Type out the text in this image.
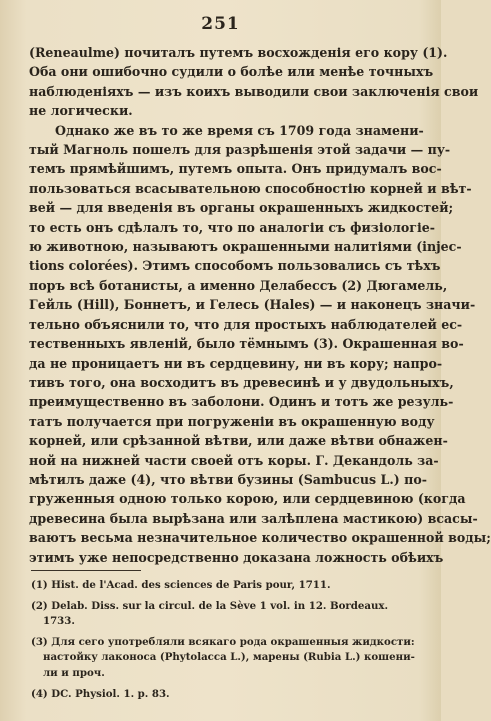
251
(Reneaulme) почиталъ путемъ восхожденія его кору (1).
Оба они ошибочно судили о болѣе или менѣе точныхъ
наблюденіяхъ — изъ коихъ выводили свои заключенія свои
не логически.
Однако же въ то же время съ 1709 года знамени-
тый Магноль пошелъ для разрѣшенія этой задачи — пу-
темъ прямѣйшимъ, путемъ опыта. Онъ придумалъ вос-
пользоваться всасывательною способностію корней и вѣт-
вей — для введенія въ органы окрашенныхъ жидкостей;
то есть онъ сдѣлалъ то, что по аналогіи съ физіологіе-
ю животною, называютъ окрашенными налитіями (injec-
tions colorées). Этимъ способомъ пользовались съ тѣхъ
поръ всѣ ботанисты, а именно Делабессъ (2) Дюгамель,
Гейль (Hill), Боннетъ, и Гелесь (Hales) — и наконецъ значи-
тельно объяснили то, что для простыхъ наблюдателей ес-
тественныхъ явленій, было тёмнымъ (3). Окрашенная во-
да не проницаетъ ни въ сердцевину, ни въ кору; напро-
тивъ того, она восходитъ въ древесинѣ и у двудольныхъ,
преимущественно въ заболони. Одинъ и тотъ же резуль-
татъ получается при погруженіи въ окрашенную воду
корней, или срѣзанной вѣтви, или даже вѣтви обнажен-
ной на нижней части своей отъ коры. Г. Декандоль за-
мѣтилъ даже (4), что вѣтви бузины (Sambucus L.) по-
груженныя одною только корою, или сердцевиною (когда
древесина была вырѣзана или залѣплена мастикою) всасы-
ваютъ весьма незначительное количество окрашенной воды;
этимъ уже непосредственно доказана ложность обѣихъ
(1) Hist. de l'Acad. des sciences de Paris pour, 1711.
(2) Delab. Diss. sur la circul. de la Sève 1 vol. in 12. Bordeaux.
1733.
(3) Для сего употребляли всякаго рода окрашенныя жидкости:
настойку лаконоса (Phytolacca L.), марены (Rubia L.) кошени-
ли и проч.
(4) DC. Physiol. 1. p. 83.
